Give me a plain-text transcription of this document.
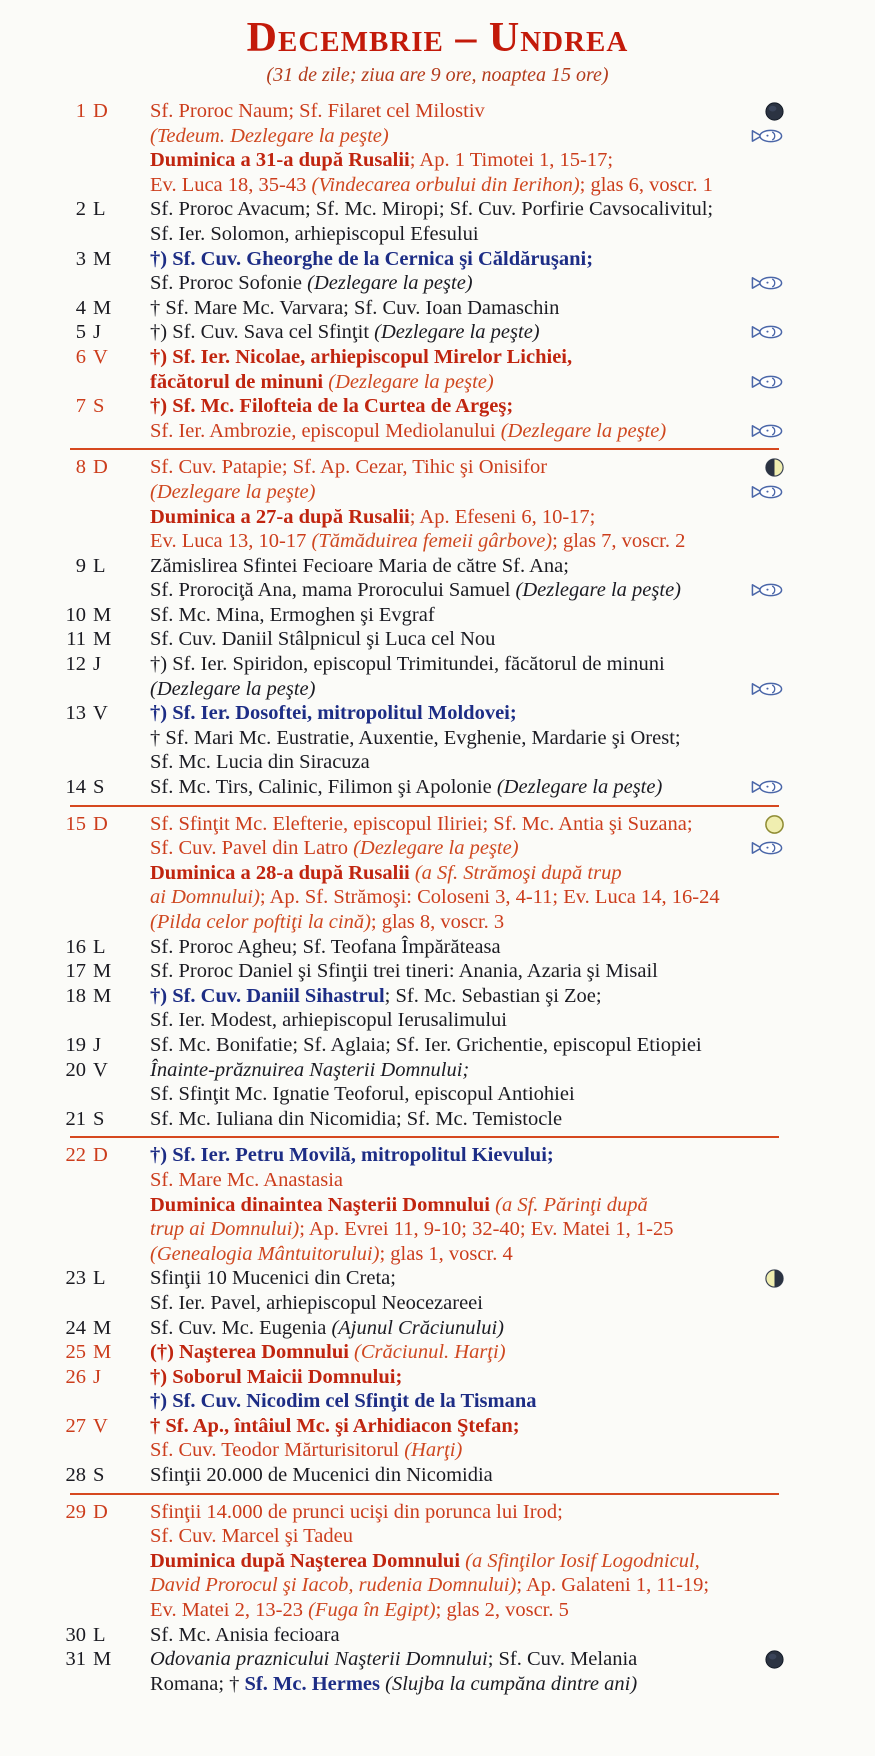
Decembrie – Undrea
(31 de zile; ziua are 9 ore, noaptea 15 ore)
1 D	Sf. Proroc Naum; Sf. Filaret cel Milostiv
(Tedeum. Dezlegare la peşte)
Duminica a 31-a după Rusalii; Ap. 1 Timotei 1, 15-17;
Ev. Luca 18, 35-43 (Vindecarea orbului din Ierihon); glas 6, voscr. 1
2 L	Sf. Proroc Avacum; Sf. Mc. Miropi; Sf. Cuv. Porfirie Cavsocalivitul;
Sf. Ier. Solomon, arhiepiscopul Efesului
3 M	†) Sf. Cuv. Gheorghe de la Cernica şi Căldăruşani;
Sf. Proroc Sofonie (Dezlegare la peşte)
4 M	† Sf. Mare Mc. Varvara; Sf. Cuv. Ioan Damaschin
5 J	†) Sf. Cuv. Sava cel Sfinţit (Dezlegare la peşte)
6 V	†) Sf. Ier. Nicolae, arhiepiscopul Mirelor Lichiei,
făcătorul de minuni (Dezlegare la peşte)
7 S	†) Sf. Mc. Filofteia de la Curtea de Argeş;
Sf. Ier. Ambrozie, episcopul Mediolanului (Dezlegare la peşte)
8 D	Sf. Cuv. Patapie; Sf. Ap. Cezar, Tihic şi Onisifor
(Dezlegare la peşte)
Duminica a 27-a după Rusalii; Ap. Efeseni 6, 10-17;
Ev. Luca 13, 10-17 (Tămăduirea femeii gârbove); glas 7, voscr. 2
9 L	Zămislirea Sfintei Fecioare Maria de către Sf. Ana;
Sf. Prorociţă Ana, mama Prorocului Samuel (Dezlegare la peşte)
10 M	Sf. Mc. Mina, Ermoghen şi Evgraf
11 M	Sf. Cuv. Daniil Stâlpnicul şi Luca cel Nou
12 J	†) Sf. Ier. Spiridon, episcopul Trimitundei, făcătorul de minuni
(Dezlegare la peşte)
13 V	†) Sf. Ier. Dosoftei, mitropolitul Moldovei;
† Sf. Mari Mc. Eustratie, Auxentie, Evghenie, Mardarie şi Orest;
Sf. Mc. Lucia din Siracuza
14 S	Sf. Mc. Tirs, Calinic, Filimon şi Apolonie (Dezlegare la peşte)
15 D	Sf. Sfinţit Mc. Elefterie, episcopul Iliriei; Sf. Mc. Antia şi Suzana;
Sf. Cuv. Pavel din Latro (Dezlegare la peşte)
Duminica a 28-a după Rusalii (a Sf. Strămoşi după trup
ai Domnului); Ap. Sf. Strămoşi: Coloseni 3, 4-11; Ev. Luca 14, 16-24
(Pilda celor poftiţi la cină); glas 8, voscr. 3
16 L	Sf. Proroc Agheu; Sf. Teofana Împărăteasa
17 M	Sf. Proroc Daniel şi Sfinţii trei tineri: Anania, Azaria şi Misail
18 M	†) Sf. Cuv. Daniil Sihastrul; Sf. Mc. Sebastian şi Zoe;
Sf. Ier. Modest, arhiepiscopul Ierusalimului
19 J	Sf. Mc. Bonifatie; Sf. Aglaia; Sf. Ier. Grichentie, episcopul Etiopiei
20 V	Înainte-prăznuirea Naşterii Domnului;
Sf. Sfinţit Mc. Ignatie Teoforul, episcopul Antiohiei
21 S	Sf. Mc. Iuliana din Nicomidia; Sf. Mc. Temistocle
22 D	†) Sf. Ier. Petru Movilă, mitropolitul Kievului;
Sf. Mare Mc. Anastasia
Duminica dinaintea Naşterii Domnului (a Sf. Părinţi după
trup ai Domnului); Ap. Evrei 11, 9-10; 32-40; Ev. Matei 1, 1-25
(Genealogia Mântuitorului); glas 1, voscr. 4
23 L	Sfinţii 10 Mucenici din Creta;
Sf. Ier. Pavel, arhiepiscopul Neocezareei
24 M	Sf. Cuv. Mc. Eugenia (Ajunul Crăciunului)
25 M	(†) Naşterea Domnului (Crăciunul. Harţi)
26 J	†) Soborul Maicii Domnului;
†) Sf. Cuv. Nicodim cel Sfinţit de la Tismana
27 V	† Sf. Ap., întâiul Mc. şi Arhidiacon Ştefan;
Sf. Cuv. Teodor Mărturisitorul (Harţi)
28 S	Sfinţii 20.000 de Mucenici din Nicomidia
29 D	Sfinţii 14.000 de prunci ucişi din porunca lui Irod;
Sf. Cuv. Marcel şi Tadeu
Duminica după Naşterea Domnului (a Sfinţilor Iosif Logodnicul,
David Prorocul şi Iacob, rudenia Domnului); Ap. Galateni 1, 11-19;
Ev. Matei 2, 13-23 (Fuga în Egipt); glas 2, voscr. 5
30 L	Sf. Mc. Anisia fecioara
31 M	Odovania praznicului Naşterii Domnului; Sf. Cuv. Melania
Romana; † Sf. Mc. Hermes (Slujba la cumpăna dintre ani)
